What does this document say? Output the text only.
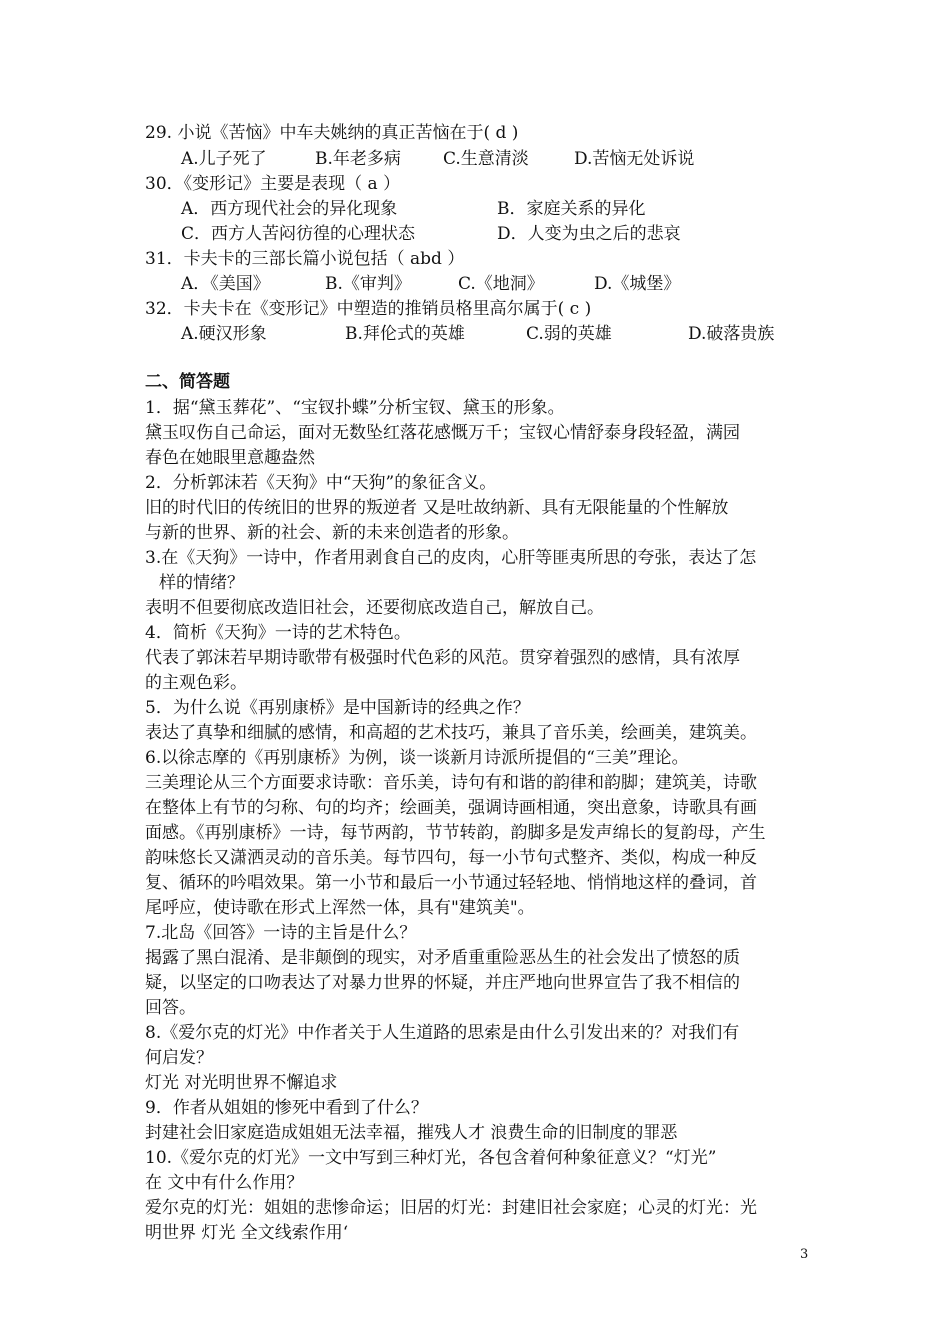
29. 小说《苦恼》中车夫姚纳的真正苦恼在于( d )
A.儿子死了	B.年老多病 C.生意清淡	D.苦恼无处诉说
30．《变形记》主要是表现（ a ）
A．西方现代社会的异化现象	B．家庭关系的异化
C．西方人苦闷彷徨的心理状态	D．人变为虫之后的悲哀
31．卡夫卡的三部长篇小说包括（ abd ）
A．《美国》	B.《审判》	C.《地洞》	D.《城堡》
32．卡夫卡在《变形记》中塑造的推销员格里高尔属于( c )
A.硬汉形象	B.拜伦式的英雄	C.弱的英雄	D.破落贵族
二、简答题
1．据“黛玉葬花”、“宝钗扑蝶”分析宝钗、黛玉的形象。
黛玉叹伤自己命运，面对无数坠红落花感慨万千；宝钗心情舒泰身段轻盈，满园
春色在她眼里意趣盎然
2．分析郭沫若《天狗》中“天狗”的象征含义。
旧的时代旧的传统旧的世界的叛逆者 又是吐故纳新、具有无限能量的个性解放
与新的世界、新的社会、新的未来创造者的形象。
3.在《天狗》一诗中，作者用剥食自己的皮肉，心肝等匪夷所思的夸张，表达了怎
样的情绪？
表明不但要彻底改造旧社会，还要彻底改造自己，解放自己。
4．简析《天狗》一诗的艺术特色。
代表了郭沫若早期诗歌带有极强时代色彩的风范。贯穿着强烈的感情，具有浓厚
的主观色彩。
5．为什么说《再别康桥》是中国新诗的经典之作？
表达了真挚和细腻的感情，和高超的艺术技巧，兼具了音乐美，绘画美，建筑美。
6.以徐志摩的《再别康桥》为例，谈一谈新月诗派所提倡的“三美”理论。
三美理论从三个方面要求诗歌：音乐美，诗句有和谐的韵律和韵脚；建筑美，诗歌
在整体上有节的匀称、句的均齐；绘画美，强调诗画相通，突出意象，诗歌具有画
面感。《再别康桥》一诗，每节两韵，节节转韵，韵脚多是发声绵长的复韵母，产生
韵味悠长又潇洒灵动的音乐美。每节四句，每一小节句式整齐、类似，构成一种反
复、循环的吟唱效果。第一小节和最后一小节通过轻轻地、悄悄地这样的叠词，首
尾呼应，使诗歌在形式上浑然一体，具有"建筑美"。
7.北岛《回答》一诗的主旨是什么？
揭露了黑白混淆、是非颠倒的现实，对矛盾重重险恶丛生的社会发出了愤怒的质
疑，以坚定的口吻表达了对暴力世界的怀疑，并庄严地向世界宣告了我不相信的
回答。
8.《爱尔克的灯光》中作者关于人生道路的思索是由什么引发出来的？对我们有
何启发？
灯光 对光明世界不懈追求
9．作者从姐姐的惨死中看到了什么？
封建社会旧家庭造成姐姐无法幸福，摧残人才 浪费生命的旧制度的罪恶
10.《爱尔克的灯光》一文中写到三种灯光，各包含着何种象征意义？“灯光”
在 文中有什么作用？
爱尔克的灯光：姐姐的悲惨命运；旧居的灯光：封建旧社会家庭；心灵的灯光：光
明世界 灯光 全文线索作用‘
3
